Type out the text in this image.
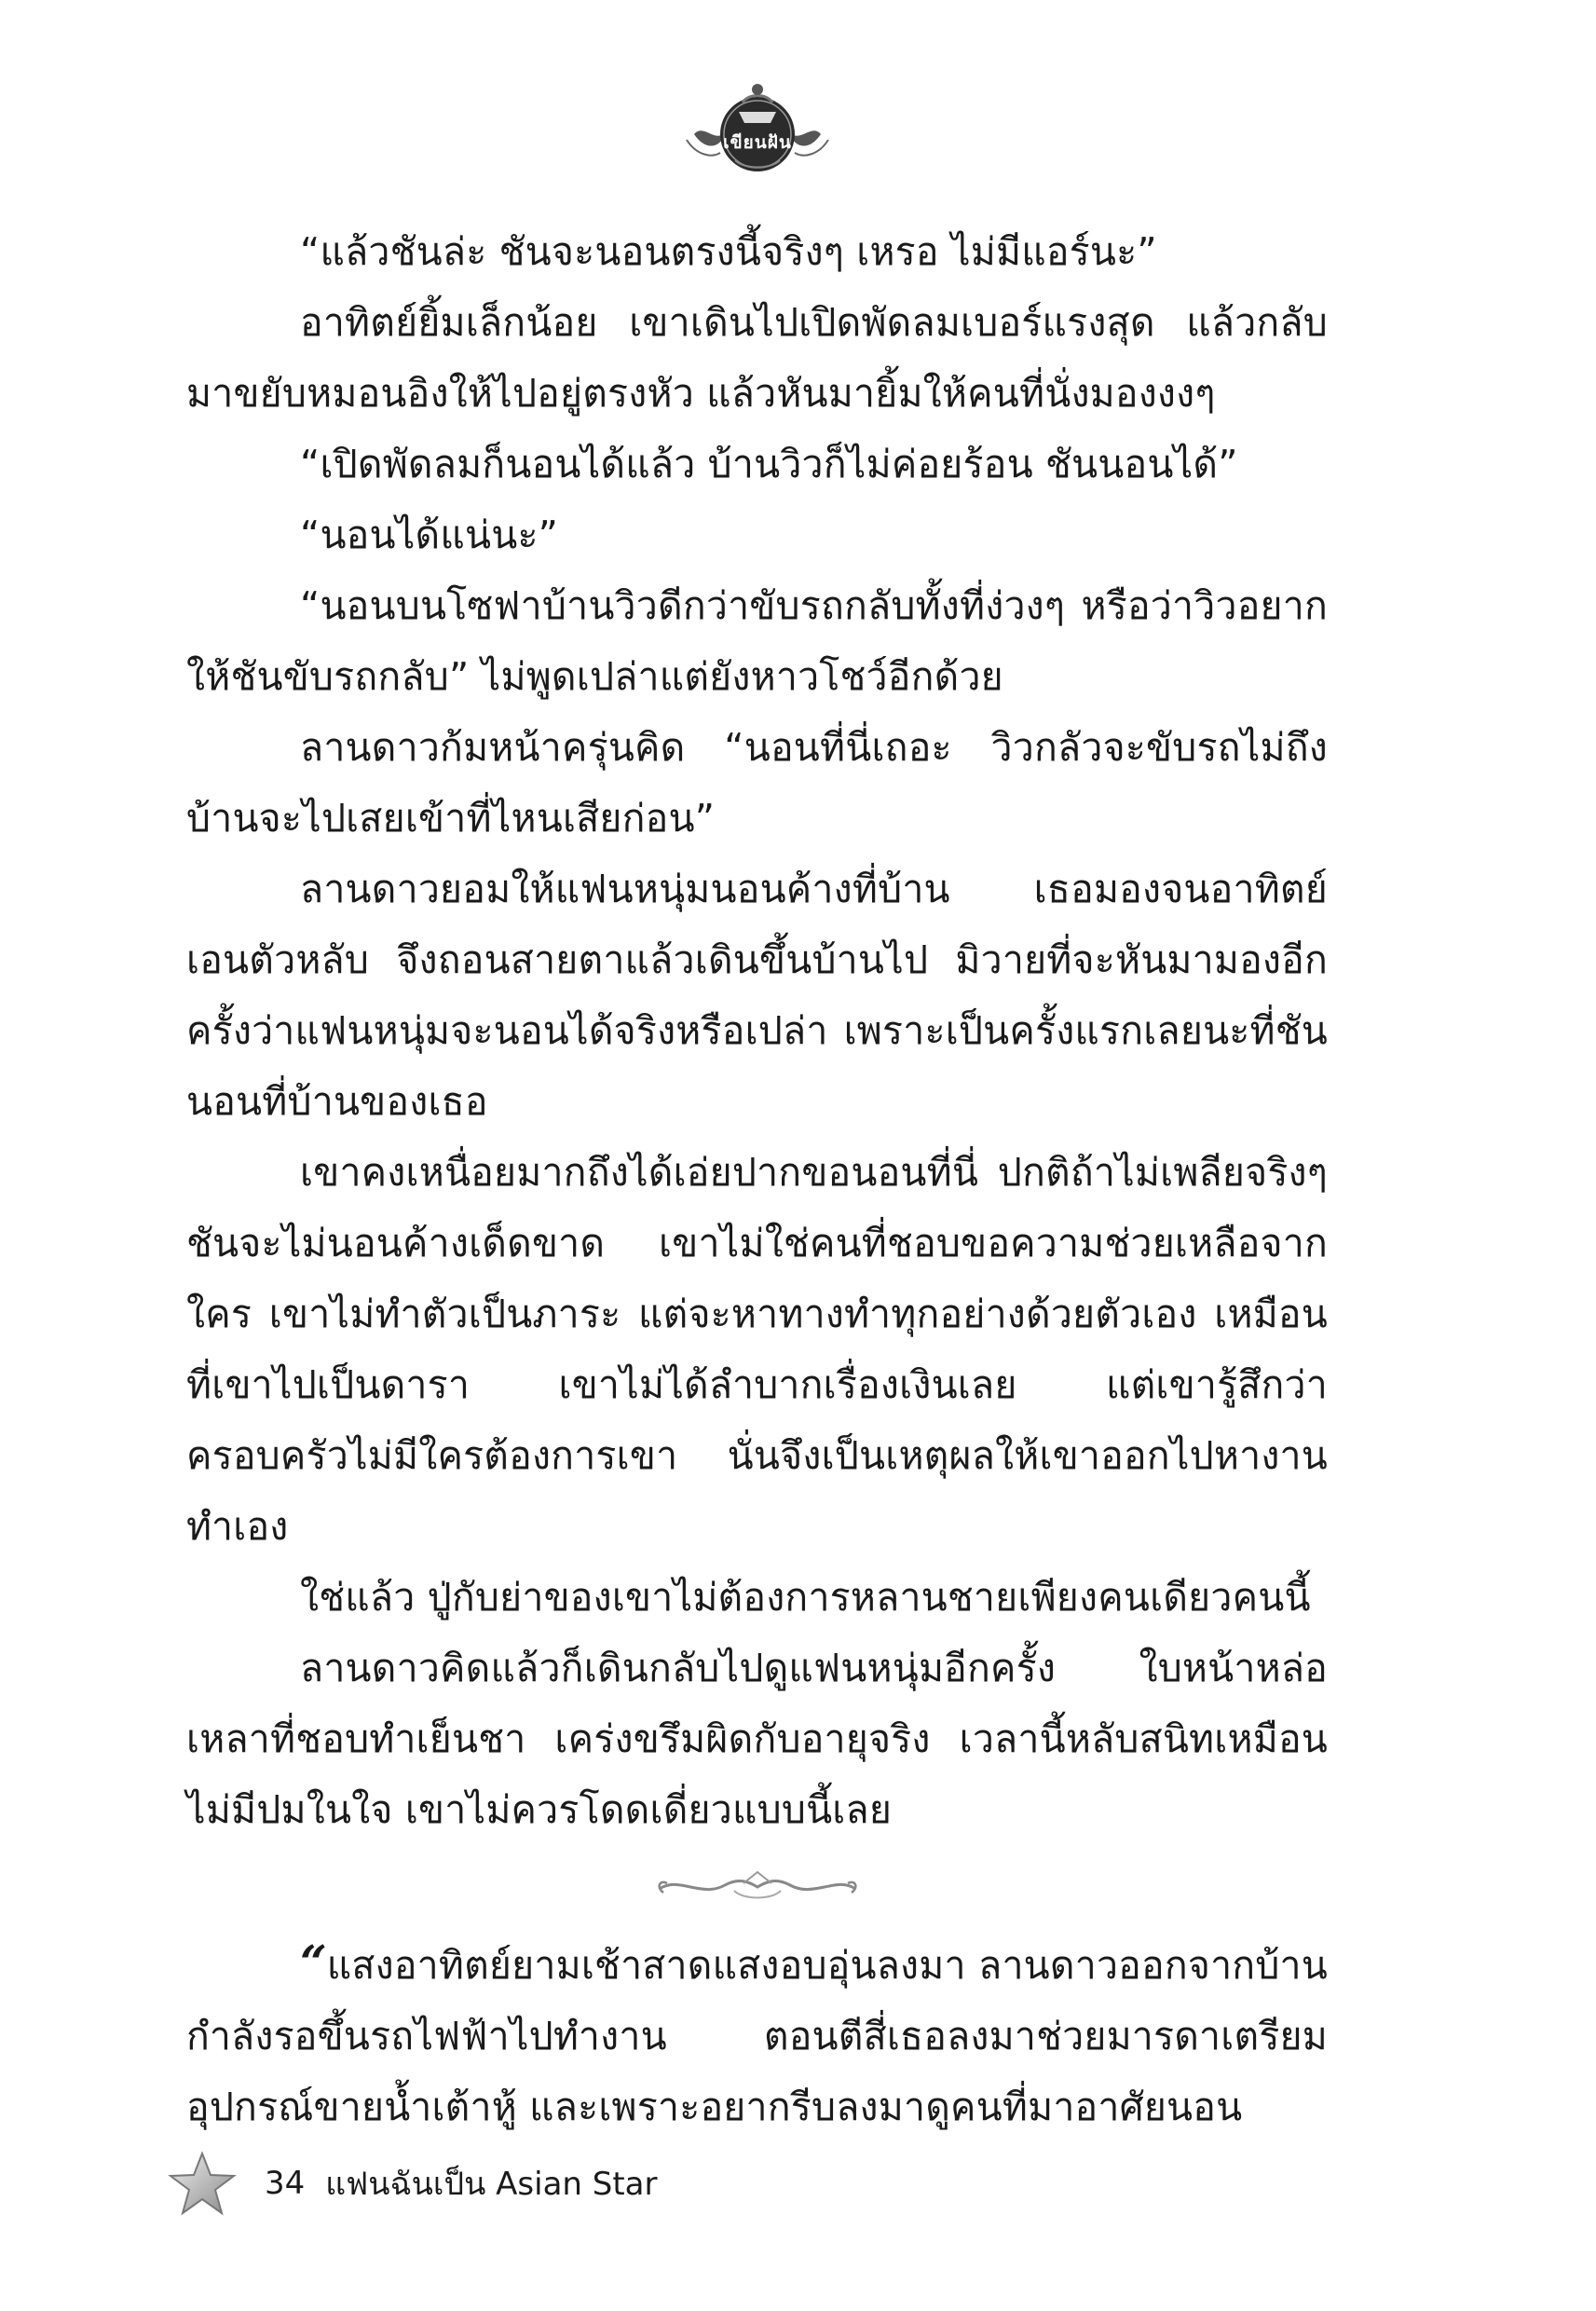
เขียนฝัน

“แล้วชันล่ะ ชันจะนอนตรงนี้จริงๆ เหรอ ไม่มีแอร์นะ”

อาทิตย์ยิ้มเล็กน้อย เขาเดินไปเปิดพัดลมเบอร์แรงสุด แล้วกลับมาขยับหมอนอิงให้ไปอยู่ตรงหัว แล้วหันมายิ้มให้คนที่นั่งมองงงๆ

“เปิดพัดลมก็นอนได้แล้ว บ้านวิวก็ไม่ค่อยร้อน ชันนอนได้”

“นอนได้แน่นะ”

“นอนบนโซฟาบ้านวิวดีกว่าขับรถกลับทั้งที่ง่วงๆ หรือว่าวิวอยากให้ชันขับรถกลับ” ไม่พูดเปล่าแต่ยังหาวโชว์อีกด้วย

ลานดาวก้มหน้าครุ่นคิด “นอนที่นี่เถอะ วิวกลัวจะขับรถไม่ถึงบ้านจะไปเสยเข้าที่ไหนเสียก่อน”

ลานดาวยอมให้แฟนหนุ่มนอนค้างที่บ้าน เธอมองจนอาทิตย์เอนตัวหลับ จึงถอนสายตาแล้วเดินขึ้นบ้านไป มิวายที่จะหันมามองอีกครั้งว่าแฟนหนุ่มจะนอนได้จริงหรือเปล่า เพราะเป็นครั้งแรกเลยนะที่ชันนอนที่บ้านของเธอ

เขาคงเหนื่อยมากถึงได้เอ่ยปากขอนอนที่นี่ ปกติถ้าไม่เพลียจริงๆ ชันจะไม่นอนค้างเด็ดขาด เขาไม่ใช่คนที่ชอบขอความช่วยเหลือจากใคร เขาไม่ทำตัวเป็นภาระ แต่จะหาทางทำทุกอย่างด้วยตัวเอง เหมือนที่เขาไปเป็นดารา เขาไม่ได้ลำบากเรื่องเงินเลย แต่เขารู้สึกว่าครอบครัวไม่มีใครต้องการเขา นั่นจึงเป็นเหตุผลให้เขาออกไปหางานทำเอง

ใช่แล้ว ปู่กับย่าของเขาไม่ต้องการหลานชายเพียงคนเดียวคนนี้

ลานดาวคิดแล้วก็เดินกลับไปดูแฟนหนุ่มอีกครั้ง ใบหน้าหล่อเหลาที่ชอบทำเย็นชา เคร่งขรึมผิดกับอายุจริง เวลานี้หลับสนิทเหมือนไม่มีปมในใจ เขาไม่ควรโดดเดี่ยวแบบนี้เลย

“แสงอาทิตย์ยามเช้าสาดแสงอบอุ่นลงมา ลานดาวออกจากบ้านกำลังรอขึ้นรถไฟฟ้าไปทำงาน ตอนตีสี่เธอลงมาช่วยมารดาเตรียมอุปกรณ์ขายน้ำเต้าหู้ และเพราะอยากรีบลงมาดูคนที่มาอาศัยนอน

34 แฟนฉันเป็น Asian Star
